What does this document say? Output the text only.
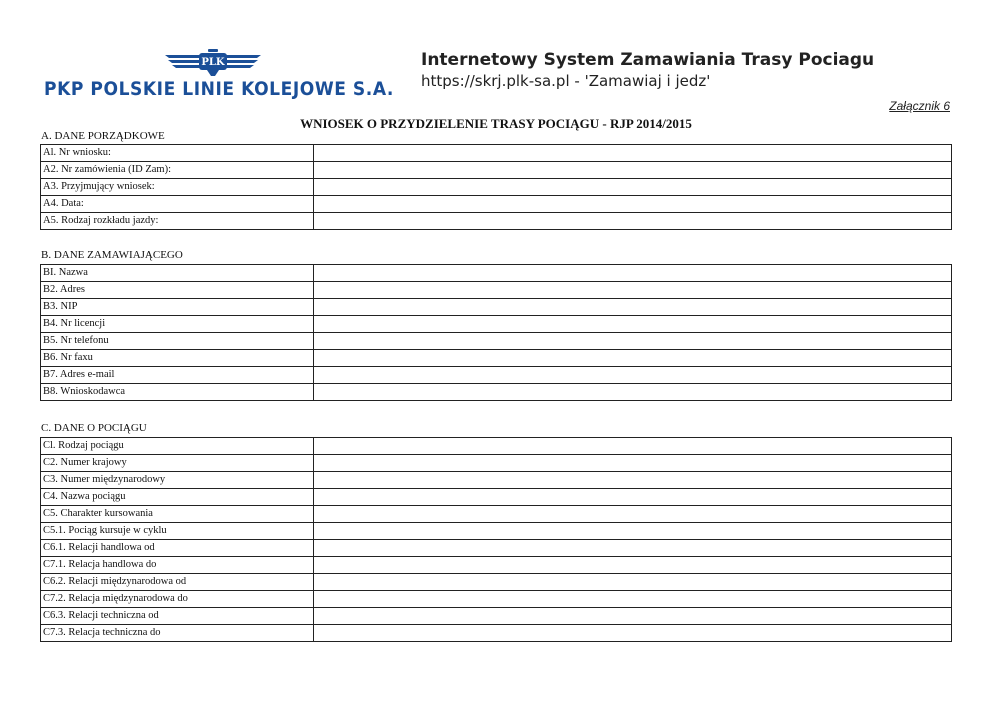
PLK
PKP POLSKIE LINIE KOLEJOWE S.A.
Internetowy System Zamawiania Trasy Pociagu
https://skrj.plk-sa.pl - 'Zamawiaj i jedz'
Załącznik 6
WNIOSEK O PRZYDZIELENIE TRASY POCIĄGU - RJP 2014/2015
A. DANE PORZĄDKOWE
Al. Nr wniosku:	
A2. Nr zamówienia (ID Zam):	
A3. Przyjmujący wniosek:	
A4. Data:	
A5. Rodzaj rozkładu jazdy:	
B. DANE ZAMAWIAJĄCEGO
BI. Nazwa	
B2. Adres	
B3. NIP	
B4. Nr licencji	
B5. Nr telefonu	
B6. Nr faxu	
B7. Adres e-mail	
B8. Wnioskodawca	
C. DANE O POCIĄGU
Cl. Rodzaj pociągu	
C2. Numer krajowy	
C3. Numer międzynarodowy	
C4. Nazwa pociągu	
C5. Charakter kursowania	
C5.1. Pociąg kursuje w cyklu	
C6.1. Relacji handlowa od	
C7.1. Relacja handlowa do	
C6.2. Relacji międzynarodowa od	
C7.2. Relacja międzynarodowa do	
C6.3. Relacji techniczna od	
C7.3. Relacja techniczna do	
